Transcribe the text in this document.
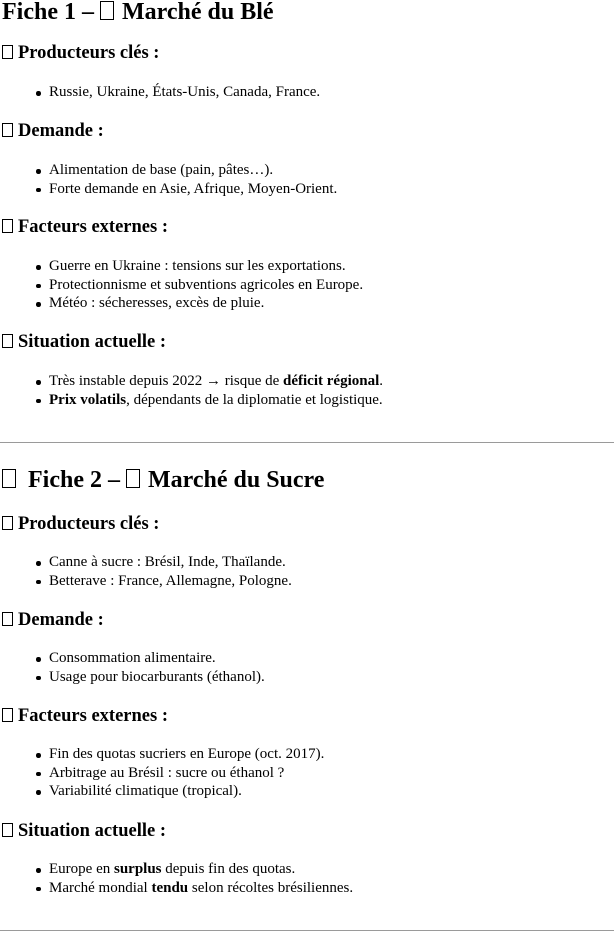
Fiche 1 – Marché du Blé
Producteurs clés :
Russie, Ukraine, États-Unis, Canada, France.
Demande :
Alimentation de base (pain, pâtes…).
Forte demande en Asie, Afrique, Moyen-Orient.
Facteurs externes :
Guerre en Ukraine : tensions sur les exportations.
Protectionnisme et subventions agricoles en Europe.
Météo : sécheresses, excès de pluie.
Situation actuelle :
Très instable depuis 2022 → risque de déficit régional.
Prix volatils, dépendants de la diplomatie et logistique.
Fiche 2 – Marché du Sucre
Producteurs clés :
Canne à sucre : Brésil, Inde, Thaïlande.
Betterave : France, Allemagne, Pologne.
Demande :
Consommation alimentaire.
Usage pour biocarburants (éthanol).
Facteurs externes :
Fin des quotas sucriers en Europe (oct. 2017).
Arbitrage au Brésil : sucre ou éthanol ?
Variabilité climatique (tropical).
Situation actuelle :
Europe en surplus depuis fin des quotas.
Marché mondial tendu selon récoltes brésiliennes.
